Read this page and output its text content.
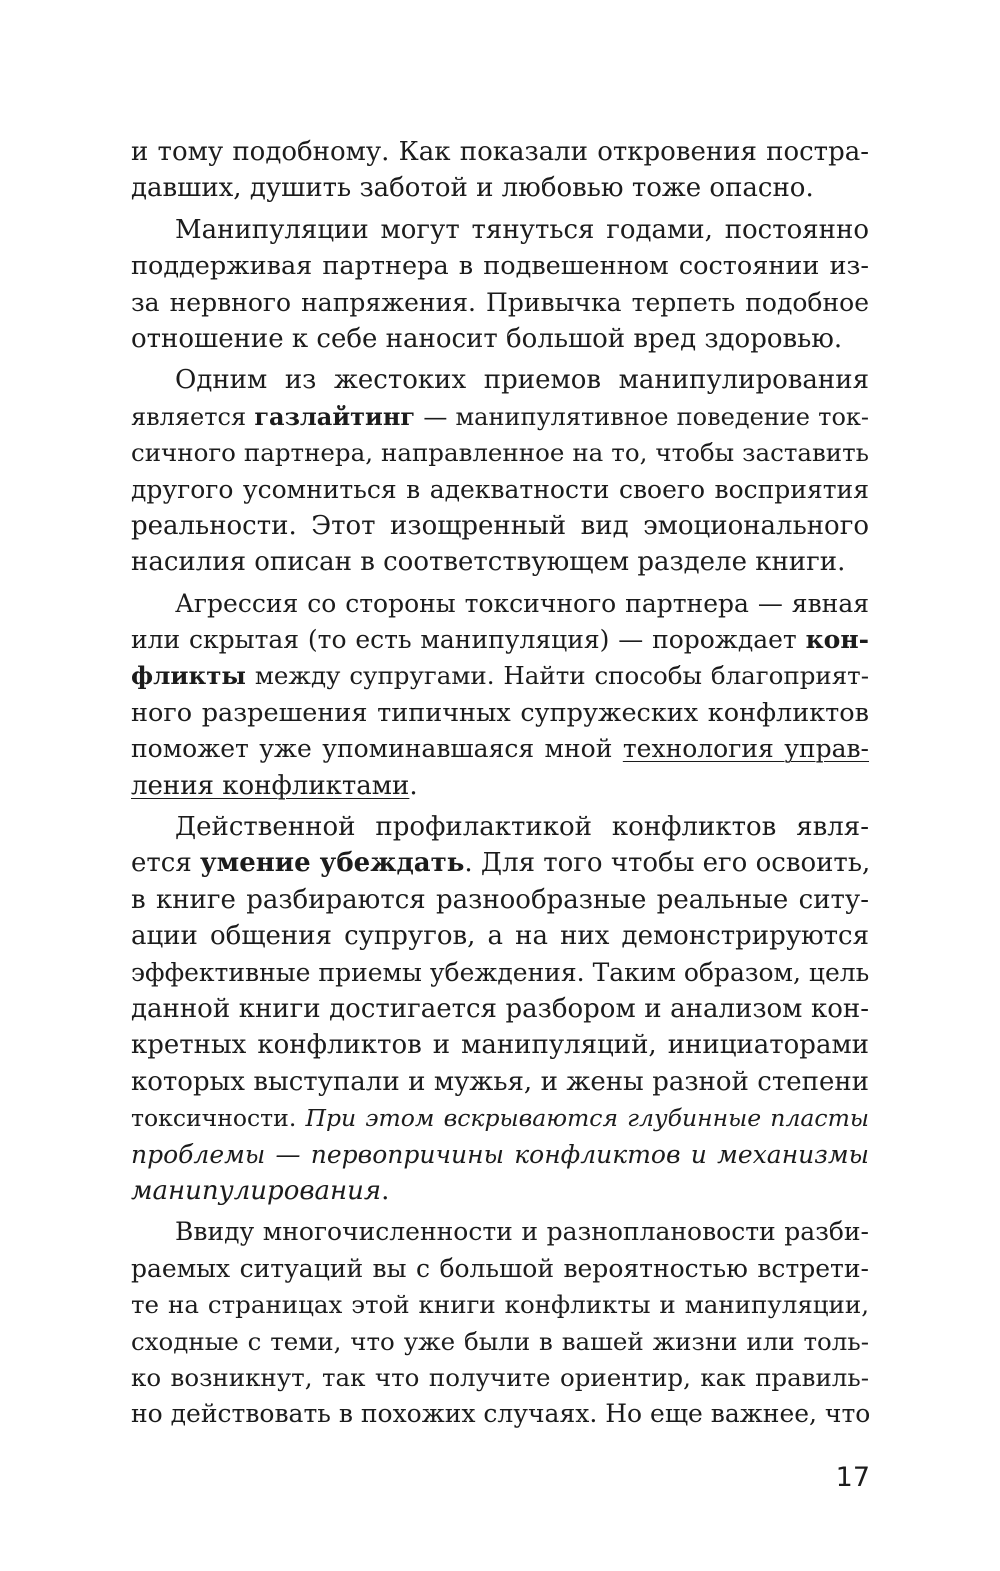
и тому подобному. Как показали откровения постра-
давших, душить заботой и любовью тоже опасно.
Манипуляции могут тянуться годами, постоянно
поддерживая партнера в подвешенном состоянии из-
за нервного напряжения. Привычка терпеть подобное
отношение к себе наносит большой вред здоровью.
Одним из жестоких приемов манипулирования
является газлайтинг — манипулятивное поведение ток-
сичного партнера, направленное на то, чтобы заставить
другого усомниться в адекватности своего восприятия
реальности. Этот изощренный вид эмоционального
насилия описан в соответствующем разделе книги.
Агрессия со стороны токсичного партнера — явная
или скрытая (то есть манипуляция) — порождает кон-
фликты между супругами. Найти способы благоприят-
ного разрешения типичных супружеских конфликтов
поможет уже упоминавшаяся мной технология управ-
ления конфликтами.
Действенной профилактикой конфликтов явля-
ется умение убеждать. Для того чтобы его освоить,
в книге разбираются разнообразные реальные ситу-
ации общения супругов, а на них демонстрируются
эффективные приемы убеждения. Таким образом, цель
данной книги достигается разбором и анализом кон-
кретных конфликтов и манипуляций, инициаторами
которых выступали и мужья, и жены разной степени
токсичности. При этом вскрываются глубинные пласты
проблемы — первопричины конфликтов и механизмы
манипулирования.
Ввиду многочисленности и разноплановости разби-
раемых ситуаций вы с большой вероятностью встрети-
те на страницах этой книги конфликты и манипуляции,
сходные с теми, что уже были в вашей жизни или толь-
ко возникнут, так что получите ориентир, как правиль-
но действовать в похожих случаях. Но еще важнее, что
17
